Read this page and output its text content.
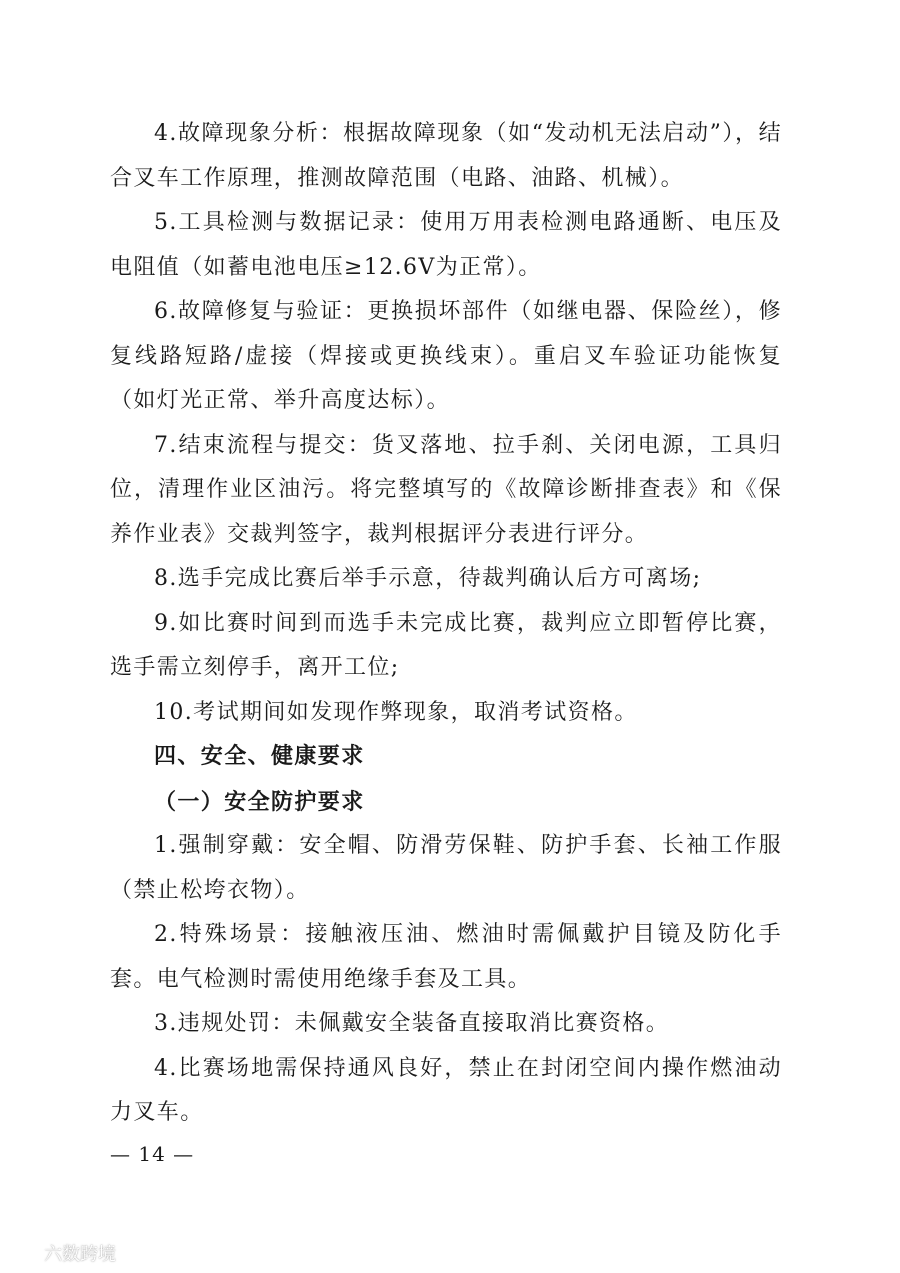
4.故障现象分析：根据故障现象（如“发动机无法启动”），结合叉车工作原理，推测故障范围（电路、油路、机械）。

5.工具检测与数据记录：使用万用表检测电路通断、电压及电阻值（如蓄电池电压≥12.6V为正常）。

6.故障修复与验证：更换损坏部件（如继电器、保险丝），修复线路短路/虚接（焊接或更换线束）。重启叉车验证功能恢复（如灯光正常、举升高度达标）。

7.结束流程与提交：货叉落地、拉手刹、关闭电源，工具归位，清理作业区油污。将完整填写的《故障诊断排查表》和《保养作业表》交裁判签字，裁判根据评分表进行评分。

8.选手完成比赛后举手示意，待裁判确认后方可离场;

9.如比赛时间到而选手未完成比赛，裁判应立即暂停比赛，选手需立刻停手，离开工位;

10.考试期间如发现作弊现象，取消考试资格。

四、安全、健康要求

（一）安全防护要求

1.强制穿戴：安全帽、防滑劳保鞋、防护手套、长袖工作服（禁止松垮衣物）。

2.特殊场景：接触液压油、燃油时需佩戴护目镜及防化手套。电气检测时需使用绝缘手套及工具。

3.违规处罚：未佩戴安全装备直接取消比赛资格。

4.比赛场地需保持通风良好，禁止在封闭空间内操作燃油动力叉车。

— 14 —
六数跨境
